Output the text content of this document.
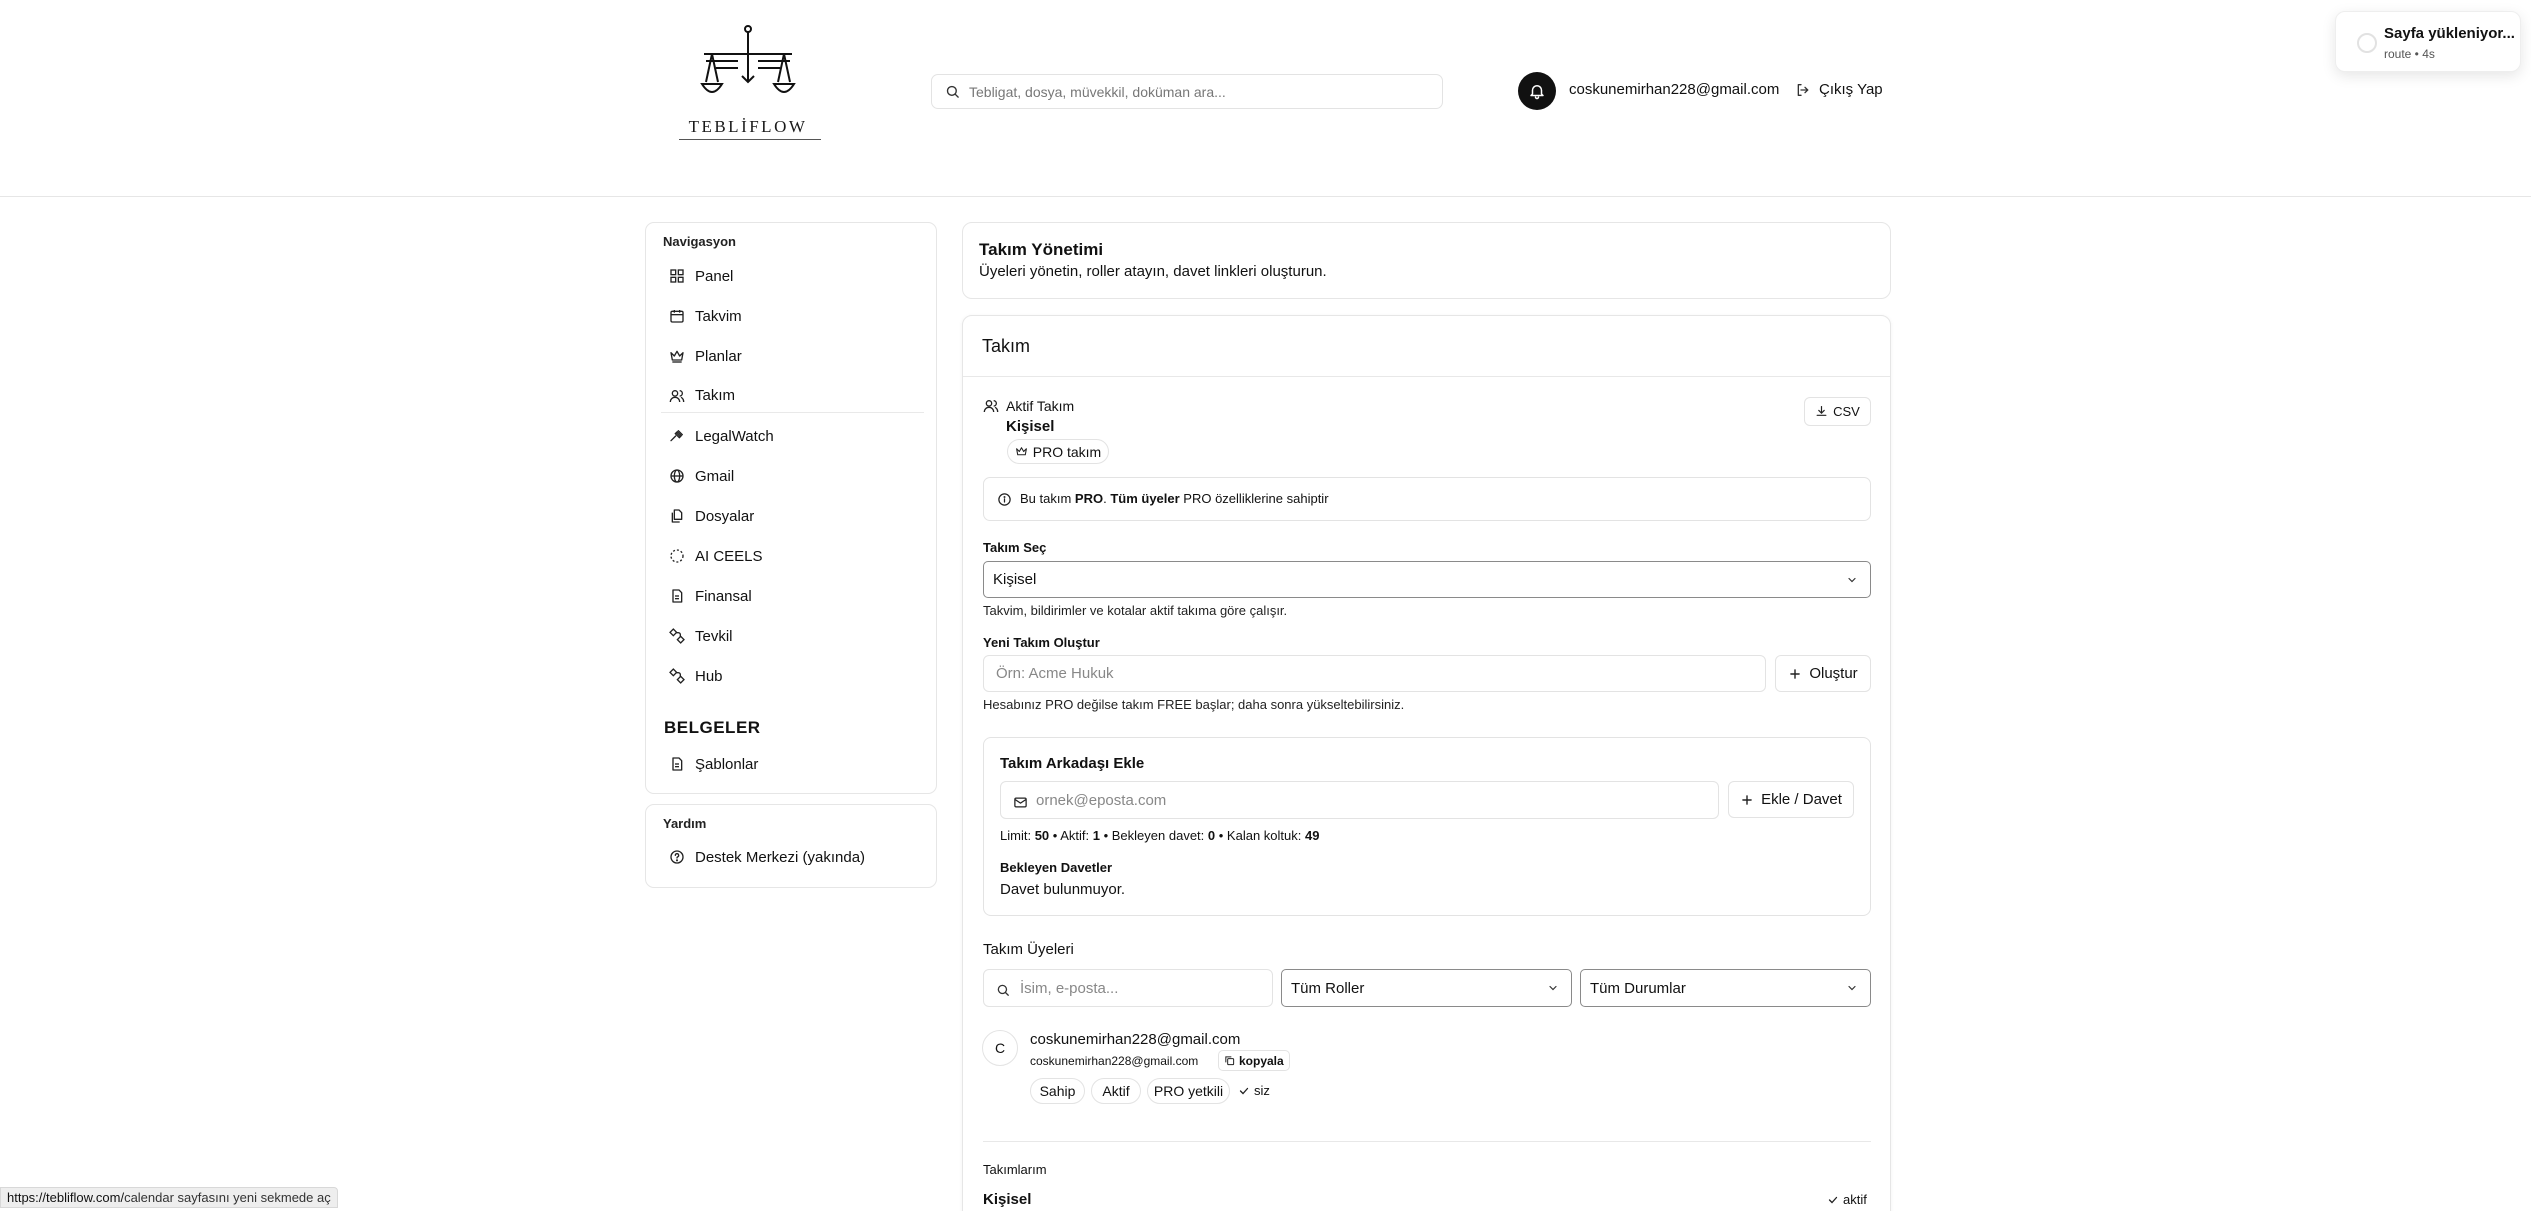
TEBLİFLOW
Tebligat, dosya, müvekkil, doküman ara...	coskunemirhan228@gmail.com	Çıkış Yap
Sayfa yükleniyor...
route • 4s
Navigasyon
Panel
Takvim
Planlar
Takım
LegalWatch
Gmail
Dosyalar
AI CEELS
Finansal
Tevkil
Hub
BELGELER
Şablonlar
Yardım
Destek Merkezi (yakında)
Takım Yönetimi
Üyeleri yönetin, roller atayın, davet linkleri oluşturun.
Takım
Aktif Takım
Kişisel
PRO takım
CSV
Bu takım PRO. Tüm üyeler PRO özelliklerine sahiptir
Takım Seç
Kişisel
Takvim, bildirimler ve kotalar aktif takıma göre çalışır.
Yeni Takım Oluştur
Örn: Acme Hukuk	Oluştur
Hesabınız PRO değilse takım FREE başlar; daha sonra yükseltebilirsiniz.
Takım Arkadaşı Ekle
ornek@eposta.com	Ekle / Davet
Limit: 50 • Aktif: 1 • Bekleyen davet: 0 • Kalan koltuk: 49
Bekleyen Davetler
Davet bulunmuyor.
Takım Üyeleri
İsim, e-posta...	Tüm Roller	Tüm Durumlar
C coskunemirhan228@gmail.com
coskunemirhan228@gmail.com	kopyala
Sahip Aktif PRO yetkili siz
Takımlarım
Kişisel	aktif
https://tebliflow.com/ calendar sayfasını yeni sekmede aç
